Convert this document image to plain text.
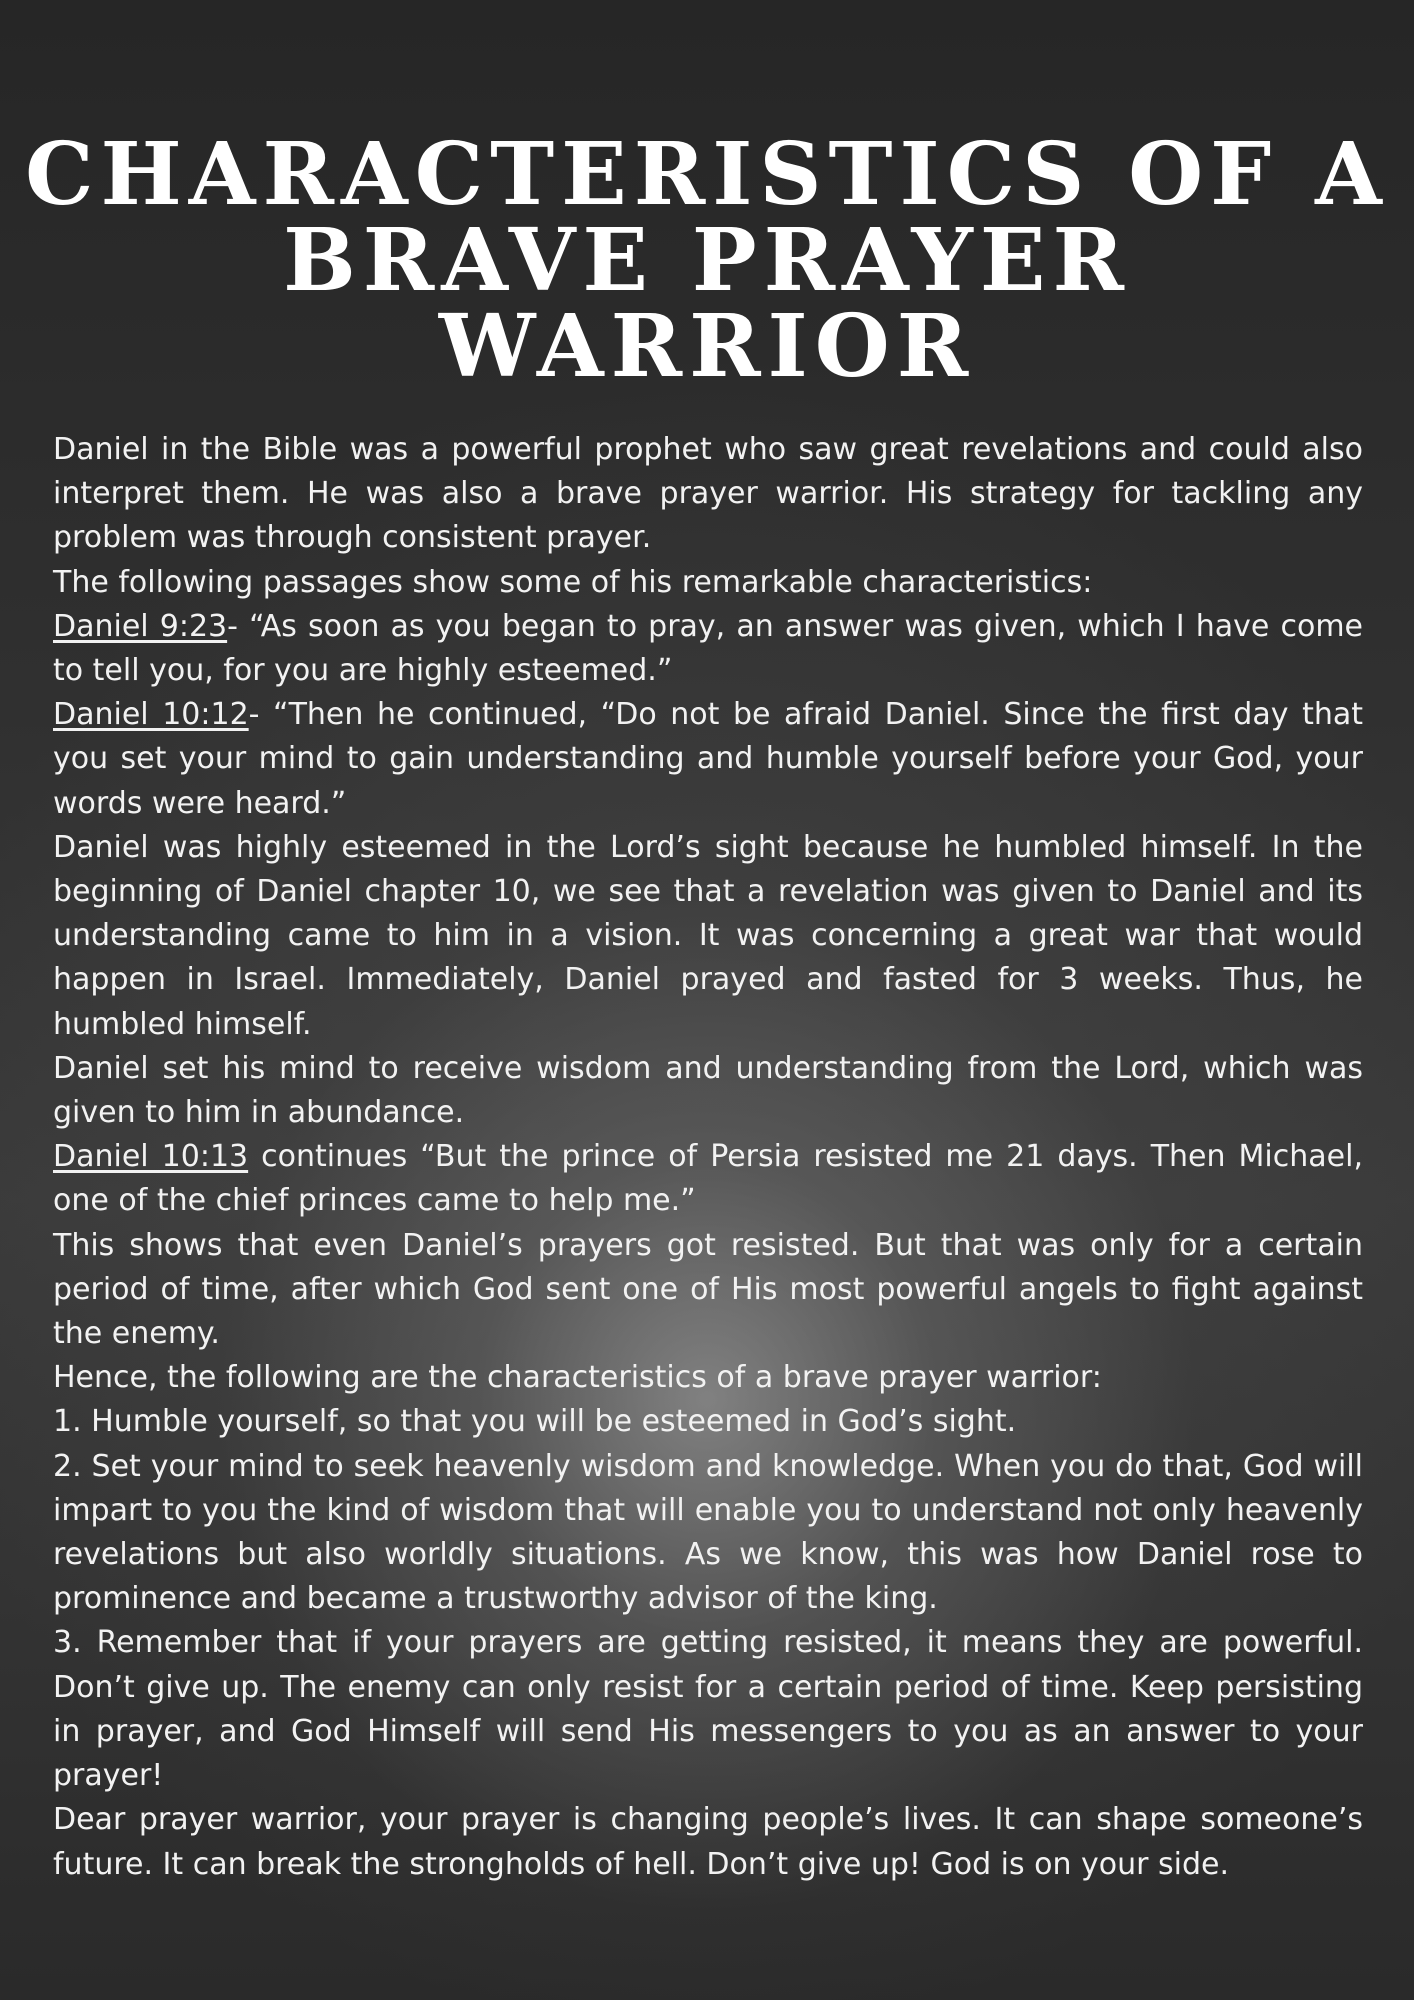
CHARACTERISTICS OF A
BRAVE PRAYER WARRIOR

Daniel in the Bible was a powerful prophet who saw great revelations and could also interpret them. He was also a brave prayer warrior. His strategy for tackling any problem was through consistent prayer.

The following passages show some of his remarkable characteristics:

Daniel 9:23- “As soon as you began to pray, an answer was given, which I have come to tell you, for you are highly esteemed.”

Daniel 10:12- “Then he continued, “Do not be afraid Daniel. Since the first day that you set your mind to gain understanding and humble yourself before your God, your words were heard.”

Daniel was highly esteemed in the Lord’s sight because he humbled himself. In the beginning of Daniel chapter 10, we see that a revelation was given to Daniel and its understanding came to him in a vision. It was concerning a great war that would happen in Israel. Immediately, Daniel prayed and fasted for 3 weeks. Thus, he humbled himself.

Daniel set his mind to receive wisdom and understanding from the Lord, which was given to him in abundance.

Daniel 10:13 continues “But the prince of Persia resisted me 21 days. Then Michael, one of the chief princes came to help me.”

This shows that even Daniel’s prayers got resisted. But that was only for a certain period of time, after which God sent one of His most powerful angels to fight against the enemy.

Hence, the following are the characteristics of a brave prayer warrior:

1. Humble yourself, so that you will be esteemed in God’s sight.

2. Set your mind to seek heavenly wisdom and knowledge. When you do that, God will impart to you the kind of wisdom that will enable you to understand not only heavenly revelations but also worldly situations. As we know, this was how Daniel rose to prominence and became a trustworthy advisor of the king.

3. Remember that if your prayers are getting resisted, it means they are powerful. Don’t give up. The enemy can only resist for a certain period of time. Keep persisting in prayer, and God Himself will send His messengers to you as an answer to your prayer!

Dear prayer warrior, your prayer is changing people’s lives. It can shape someone’s future. It can break the strongholds of hell. Don’t give up! God is on your side.
